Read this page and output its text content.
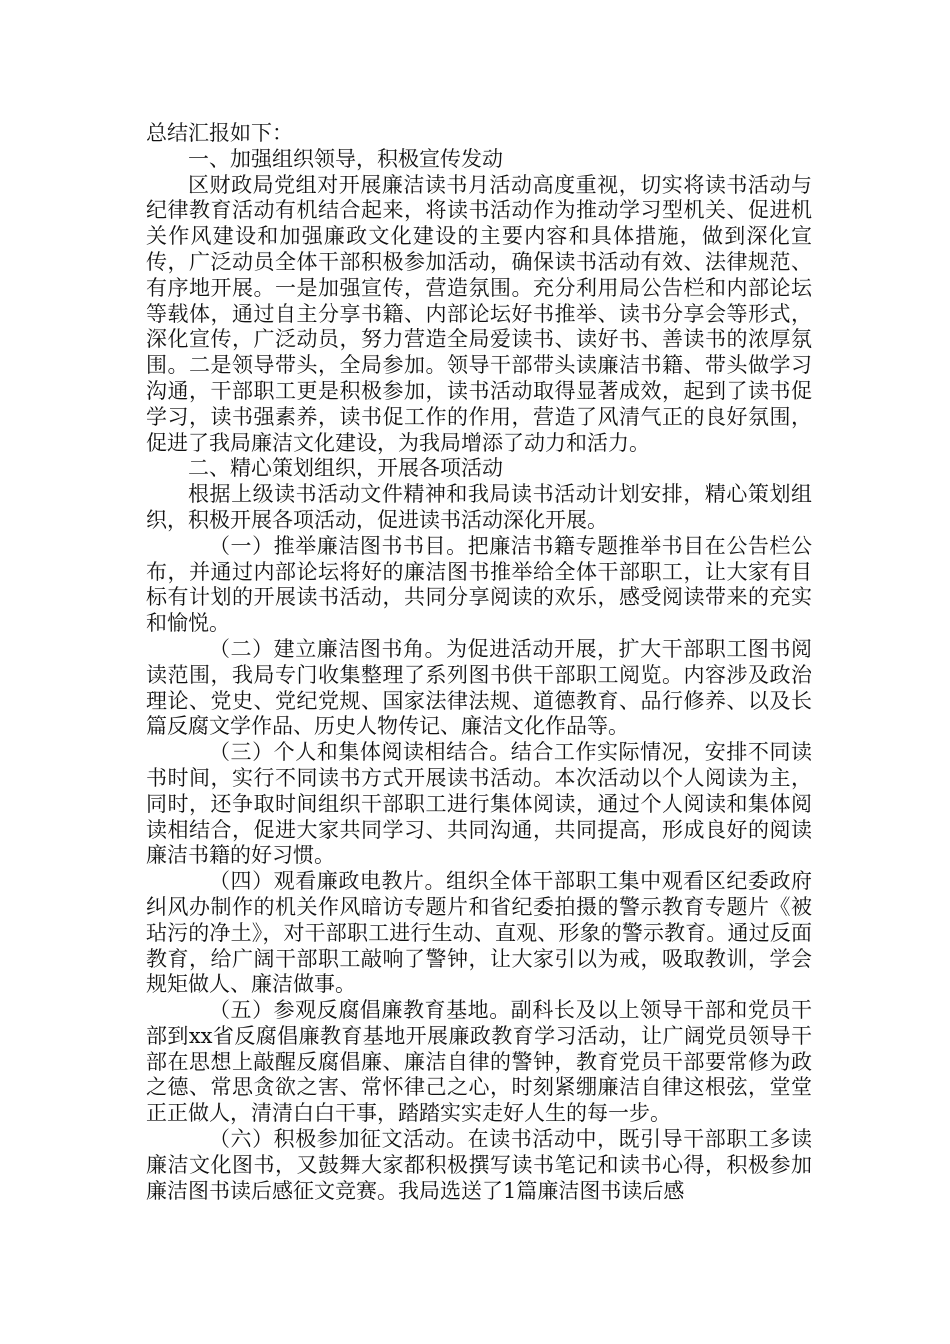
总结汇报如下：

一、加强组织领导，积极宣传发动

区财政局党组对开展廉洁读书月活动高度重视，切实将读书活动与纪律教育活动有机结合起来，将读书活动作为推动学习型机关、促进机关作风建设和加强廉政文化建设的主要内容和具体措施，做到深化宣传，广泛动员全体干部积极参加活动，确保读书活动有效、法律规范、有序地开展。一是加强宣传，营造氛围。充分利用局公告栏和内部论坛等载体，通过自主分享书籍、内部论坛好书推举、读书分享会等形式，深化宣传，广泛动员，努力营造全局爱读书、读好书、善读书的浓厚氛围。二是领导带头，全局参加。领导干部带头读廉洁书籍、带头做学习沟通，干部职工更是积极参加，读书活动取得显著成效，起到了读书促学习，读书强素养，读书促工作的作用，营造了风清气正的良好氛围，促进了我局廉洁文化建设，为我局增添了动力和活力。

二、精心策划组织，开展各项活动

根据上级读书活动文件精神和我局读书活动计划安排，精心策划组织，积极开展各项活动，促进读书活动深化开展。

（一）推举廉洁图书书目。把廉洁书籍专题推举书目在公告栏公布，并通过内部论坛将好的廉洁图书推举给全体干部职工，让大家有目标有计划的开展读书活动，共同分享阅读的欢乐，感受阅读带来的充实和愉悦。

（二）建立廉洁图书角。为促进活动开展，扩大干部职工图书阅读范围，我局专门收集整理了系列图书供干部职工阅览。内容涉及政治理论、党史、党纪党规、国家法律法规、道德教育、品行修养、以及长篇反腐文学作品、历史人物传记、廉洁文化作品等。

（三）个人和集体阅读相结合。结合工作实际情况，安排不同读书时间，实行不同读书方式开展读书活动。本次活动以个人阅读为主，同时，还争取时间组织干部职工进行集体阅读，通过个人阅读和集体阅读相结合，促进大家共同学习、共同沟通，共同提高，形成良好的阅读廉洁书籍的好习惯。

（四）观看廉政电教片。组织全体干部职工集中观看区纪委政府纠风办制作的机关作风暗访专题片和省纪委拍摄的警示教育专题片《被玷污的净土》，对干部职工进行生动、直观、形象的警示教育。通过反面教育，给广阔干部职工敲响了警钟，让大家引以为戒，吸取教训，学会规矩做人、廉洁做事。

（五）参观反腐倡廉教育基地。副科长及以上领导干部和党员干部到xx省反腐倡廉教育基地开展廉政教育学习活动，让广阔党员领导干部在思想上敲醒反腐倡廉、廉洁自律的警钟，教育党员干部要常修为政之德、常思贪欲之害、常怀律己之心，时刻紧绷廉洁自律这根弦，堂堂正正做人，清清白白干事，踏踏实实走好人生的每一步。

（六）积极参加征文活动。在读书活动中，既引导干部职工多读廉洁文化图书，又鼓舞大家都积极撰写读书笔记和读书心得，积极参加廉洁图书读后感征文竞赛。我局选送了1篇廉洁图书读后感
